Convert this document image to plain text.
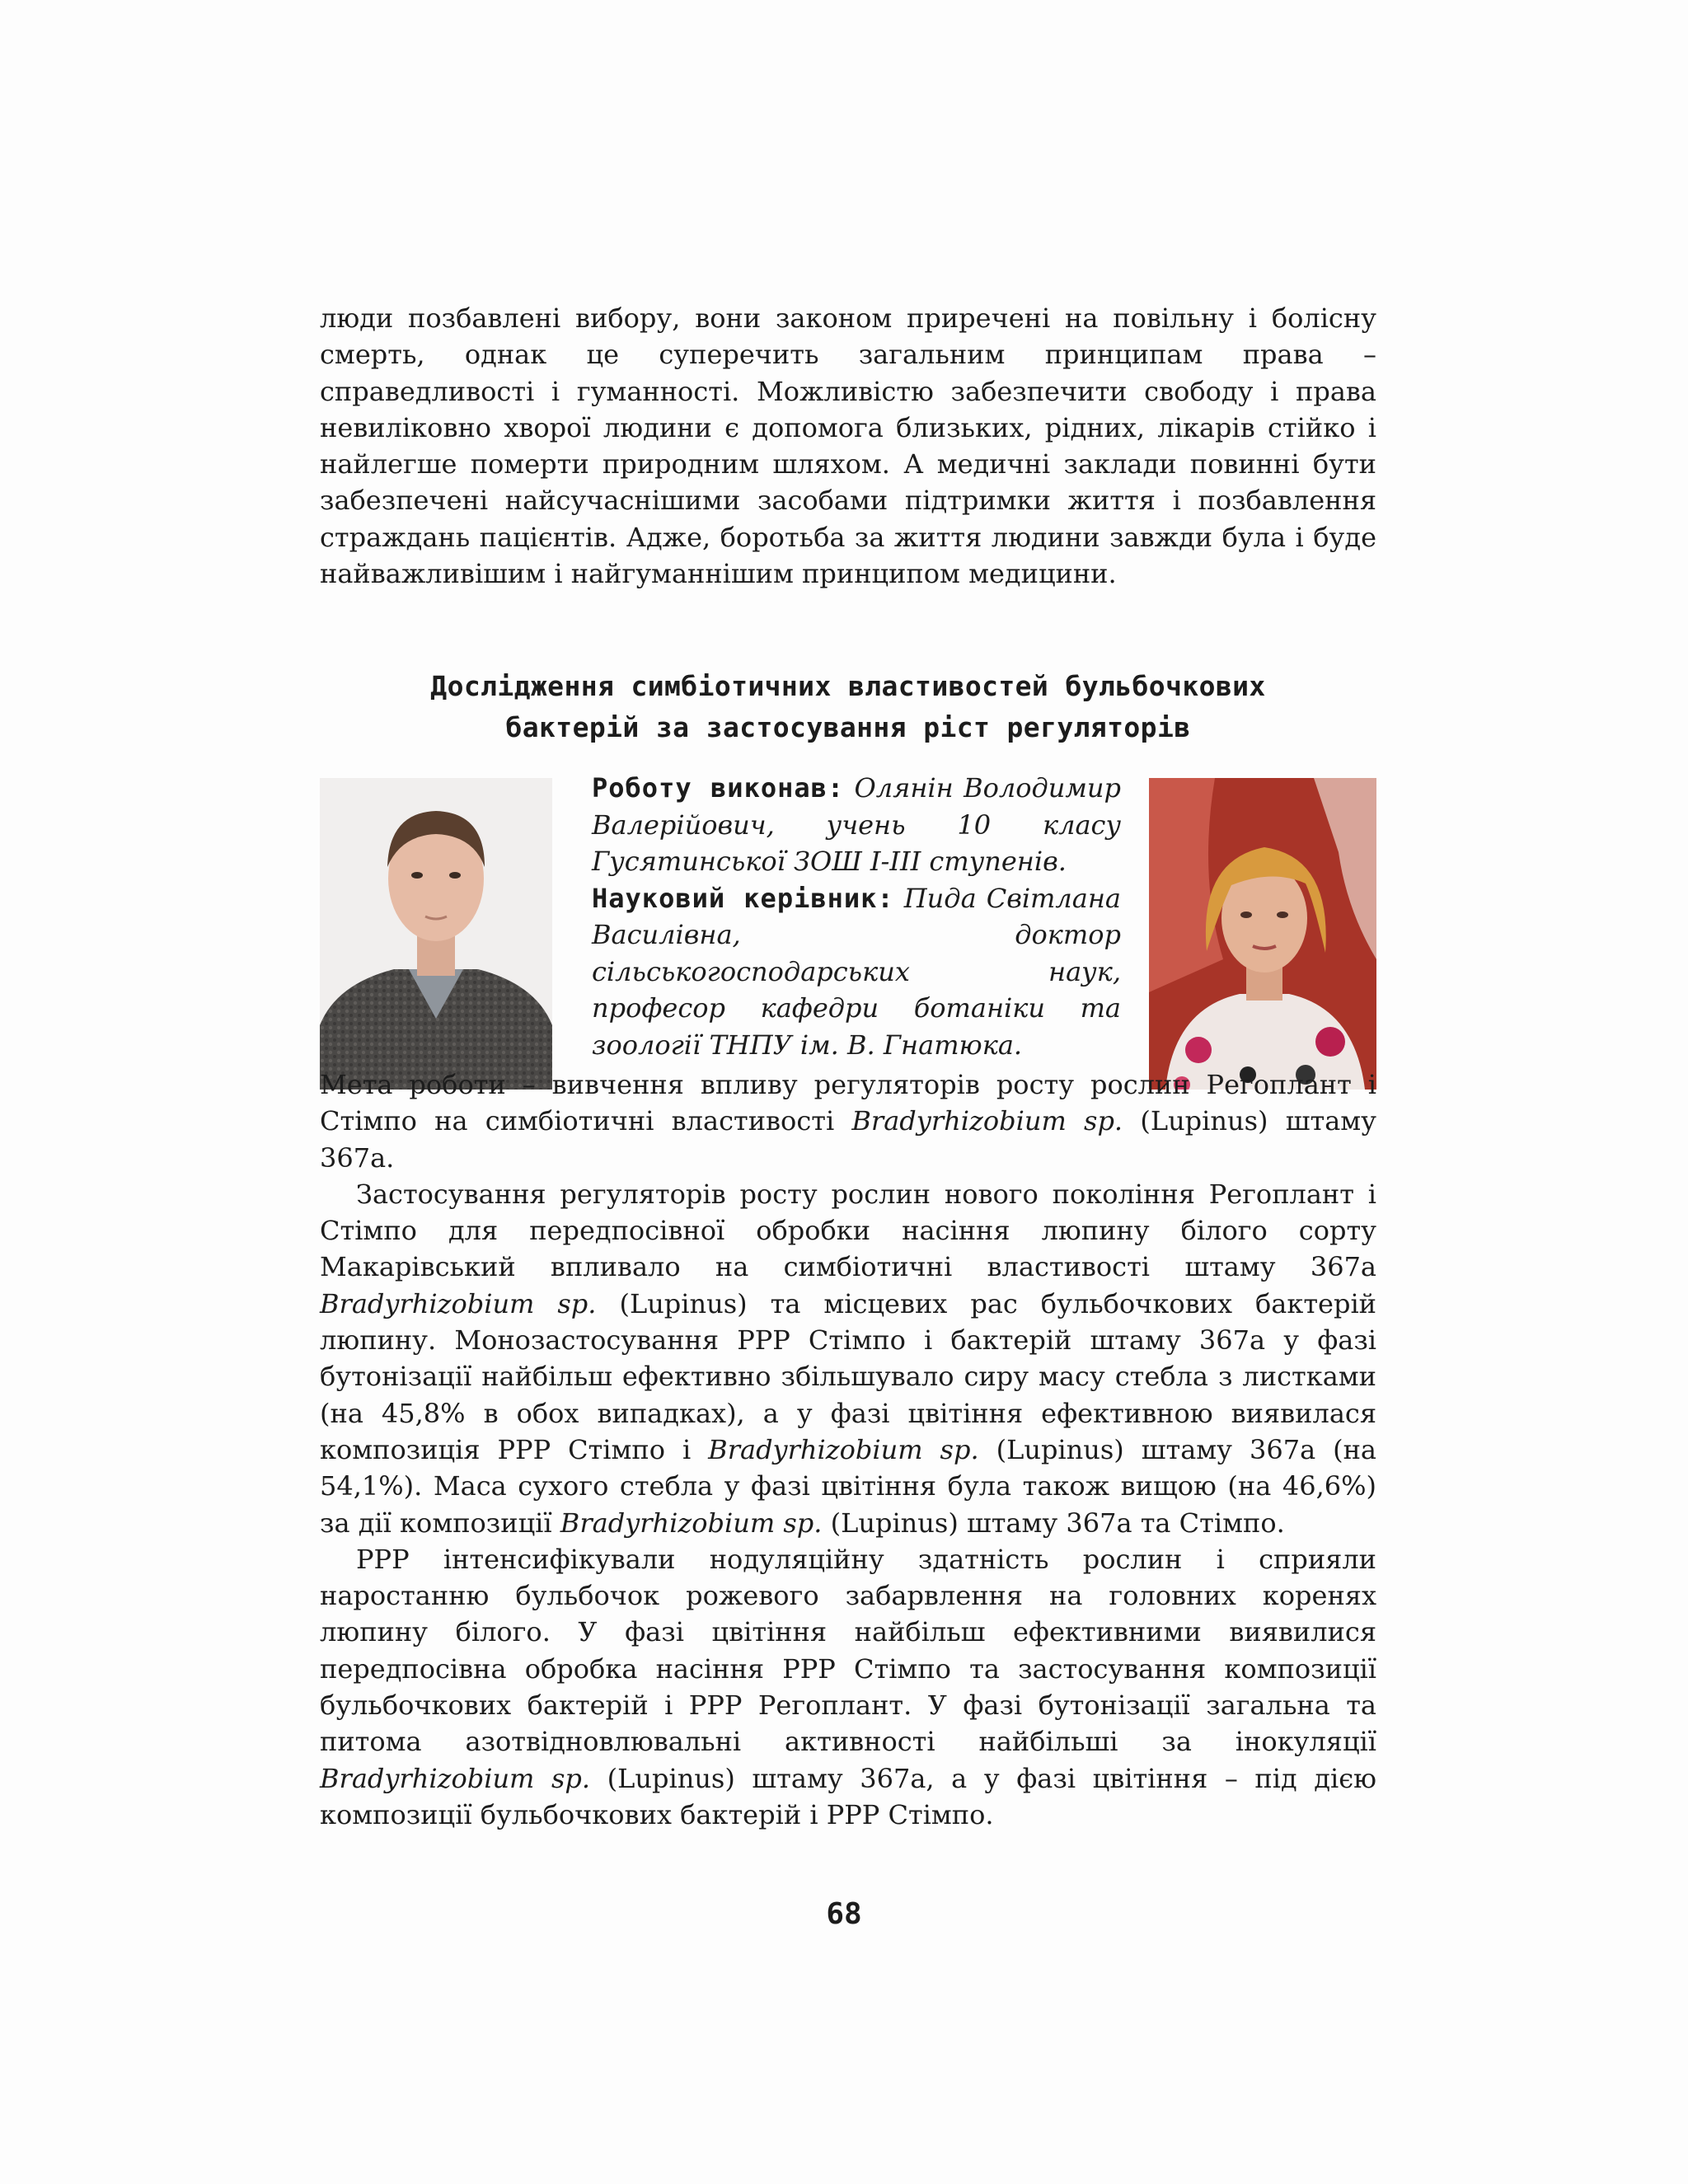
люди позбавлені вибору, вони законом приречені на повільну і болісну смерть, однак це суперечить загальним принципам права – справедливості і гуманності. Можливістю забезпечити свободу і права невиліковно хворої людини є допомога близьких, рідних, лікарів стійко і найлегше померти природним шляхом. А медичні заклади повинні бути забезпечені найсучаснішими засобами підтримки життя і позбавлення страждань пацієнтів. Адже, боротьба за життя людини завжди була і буде найважливішим і найгуманнішим принципом медицини.

Дослідження симбіотичних властивостей бульбочкових
бактерій за застосування ріст регуляторів

Роботу виконав: Олянін Володимир Валерійович, учень 10 класу Гусятинської ЗОШ І-ІІІ ступенів.

Науковий керівник: Пида Світлана Василівна, доктор сільськогосподарських наук, професор кафедри ботаніки та зоології ТНПУ ім. В. Гнатюка.

Мета роботи – вивчення впливу регуляторів росту рослин Регоплант і Стімпо на симбіотичні властивості Bradyrhizobium sp. (Lupinus) штаму 367а.

Застосування регуляторів росту рослин нового покоління Регоплант і Стімпо для передпосівної обробки насіння люпину білого сорту Макарівський впливало на симбіотичні властивості штаму 367а Bradyrhizobium sp. (Lupinus) та місцевих рас бульбочкових бактерій люпину. Монозастосування РРР Стімпо і бактерій штаму 367а у фазі бутонізації найбільш ефективно збільшувало сиру масу стебла з листками (на 45,8% в обох випадках), а у фазі цвітіння ефективною виявилася композиція РРР Стімпо і Bradyrhizobium sp. (Lupinus) штаму 367а (на 54,1%). Маса сухого стебла у фазі цвітіння була також вищою (на 46,6%) за дії композиції Bradyrhizobium sp. (Lupinus) штаму 367а та Стімпо.

РРР інтенсифікували нодуляційну здатність рослин і сприяли наростанню бульбочок рожевого забарвлення на головних коренях люпину білого. У фазі цвітіння найбільш ефективними виявилися передпосівна обробка насіння РРР Стімпо та застосування композиції бульбочкових бактерій і РРР Регоплант. У фазі бутонізації загальна та питома азотвідновлювальні активності найбільші за інокуляції Bradyrhizobium sp. (Lupinus) штаму 367а, а у фазі цвітіння – під дією композиції бульбочкових бактерій і РРР Стімпо.

68
